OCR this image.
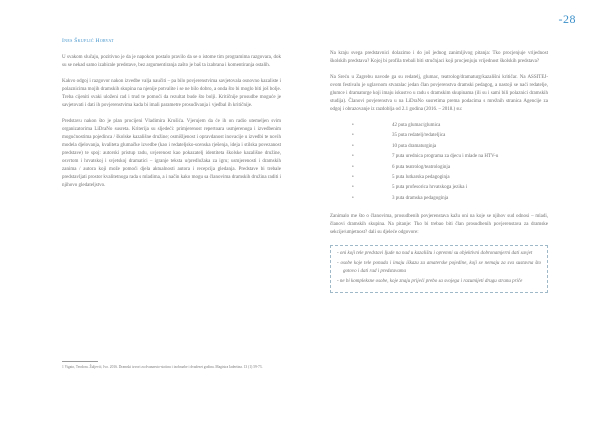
-28
Ines Škuflić Horvat

U svakom slučaju, pozitivno je da je napokon postalo pravilo da se o istome tim programima razgovara, dok su se nekad samo izabirale predstave, bez argumentiranja zašto je baš ta izabrana i komentiranja ostalih.

Kakvo odgoj i razgovor nakon izvedbe valja naučiti – pa bilo povjerenstvima savjetovala osnovno kazaliste i polaznicima mojih dramskih skupina na njenije potvalite i se ne bilo dobro, a onda što bi moglo biti još bolje. Treba cijeniti svaki uloženi rad i trud te pomoći da rezultat bude što bolji. Kritičnije prosudbe moguće je savjetovati i dati ih povjerenstvima kada bi imali parametre prosuđivanja i vjeđbal ih kritičnije.

Predstavu nakon što je plan procijeni Vladimira Krušića. Vjerujem da će ih on radio utemeljen svim organizatorima LiDraNo susreta. Kriterija su sljedeći: primjerenost repertoara usmjerenoga i izvedbenim mogućnostima pojedinca / školske kazališne družine; osmišljenost i opravdanost inovacije u izvedbi te novih modela djelovanja, kvaliteta glumačke izvedbe (kao i redateljsko-scenska rješenja, ideja i stilska povezanost predstave) te spoj: autorski pristup radu, uvjerenost kao pokazatelj identiteta školske kazališne družine, osvrtom i hrvatskoj i svjetskoj dramatici – igranje teksta u/predložaka za igru; usmjerenosti i dramskih zanima / autora koji može pomoći djela aktualnosti autora i recepcija gledanja. Predstave bi trebale predstavljati prostor kvalitetnoga rada s mladima, a i način kako mogu sa članovima dramskih družina raditi i njihovo gledateljstvo.

1 Vigato, Teodora. Žuljević, Ivo. 2016. Dramski izvori za dvanaesto-stotinu i izobrazbe i dvadeset godina. Magistra Iadertina. 13 (1) 59-73.

Na kraju svega predstavnici dolazimo i do još jednog zanimljivog pitanja: Tko procjenjuje vrijednost školskih predstava? Kojoj bi profila trebali biti stručnjaci koji procjenjuju vrijednost školskih predstava?

Na Sreću u Zagrebu navode ga su redatelj, glumac, teatrolog/dramaturg/kazališni kritičar. Na ASSITEJ-ovom festivalu je uglavnom stvaralac jedan član povjerenstva dramski pedagog, a nastoji se naći redatelje, glumce i dramaturge koji imaju iskustvo u radu s dramskim skupinama (ili su i sami bili polaznici dramskih studija). Članovi povjerenstva u na LiDraNo susretima prema podacima s mrežnih stranica Agencije za odgoj i obrazovanje iz razdoblja od 2.1 godina (2016. – 2018.) su:

•	42 puta glumac/glumica
•	35 puta redatelj/redateljica
•	10 puta dramaturginja
•	7 puta urednica programa za djecu i mlade na HTV-u
•	6 puta teatrolog/teatrologinja
•	5 puta lutkarska pedagoginja
•	5 puta profesorica hrvatskoga jezika i
•	3 puta dramska pedagoginja

Zanimalo me što o članovima, prosudbenih povjerenstava kažu oni na koje se njihov sud odnosi – mladi, članovi dramskih skupina. Na pitanje: Tko bi trebao biti član prosudbenih povjerenstava za dramske sekcije/umjetnost? dali su djeleće odgovore:

- oni koji tele predstavi ljude na nad u kazalištu i opremni su objektivni dobronamjerni dati savjet

- osobe koje tele ponuda i imaju iškazu za amaterske pojedine, koji se nemaju za sva sustavna što gotovo i dati rad i predstavama

- ne bi kompleksne osobe, koje znaju prijeći prebo sa svojega i razumijeti drugu stranu priče
